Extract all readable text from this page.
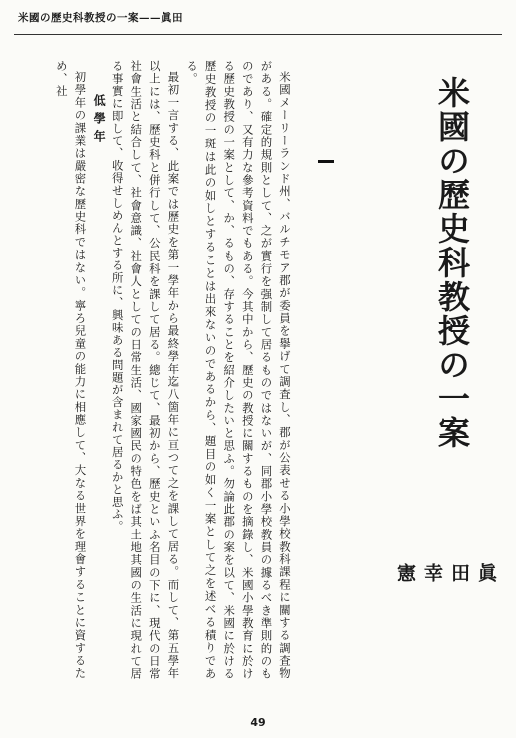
米國の歷史科教授の一案——眞田
米國の歷史科教授の一案
眞
田
幸
憲

米國メーリーランド州、バルチモア郡が委員を擧げて調査し、郡が公表せる小學校教科課程に關する調査物がある。確定的規則として、之が實行を强制して居るものではないが、同郡小學校教員の據るべき準則的のものであり、又有力な參考資料でもある。今其中から、歷史の教授に關するものを摘錄し、米國小學教育に於ける歷史教授の一案として、か、るもの、存することを紹介したいと思ふ。勿論此郡の案を以て、米國に於ける歷史教授の一斑は此の如しとすることは出來ないのであるから、題目の如く一案として之を述べる積りである。

最初一言する、此案では歷史を第一學年から最終學年迄八箇年に亘つて之を課して居る。而して、第五學年以上には、歷史科と併行して、公民科を課して居る。總じて、最初から、歷史といふ名目の下に、現代の日常社會生活と結合して、社會意識、社會人としての日常生活、國家國民の特色をば其土地其國の生活に現れて居る事實に即して、收得せしめんとする所に、興味ある問題が含まれて居るかと思ふ。

低學年

初學年の課業は嚴密な歷史科ではない。寧ろ兒童の能力に相應して、大なる世界を理會することに資するため、社

49
